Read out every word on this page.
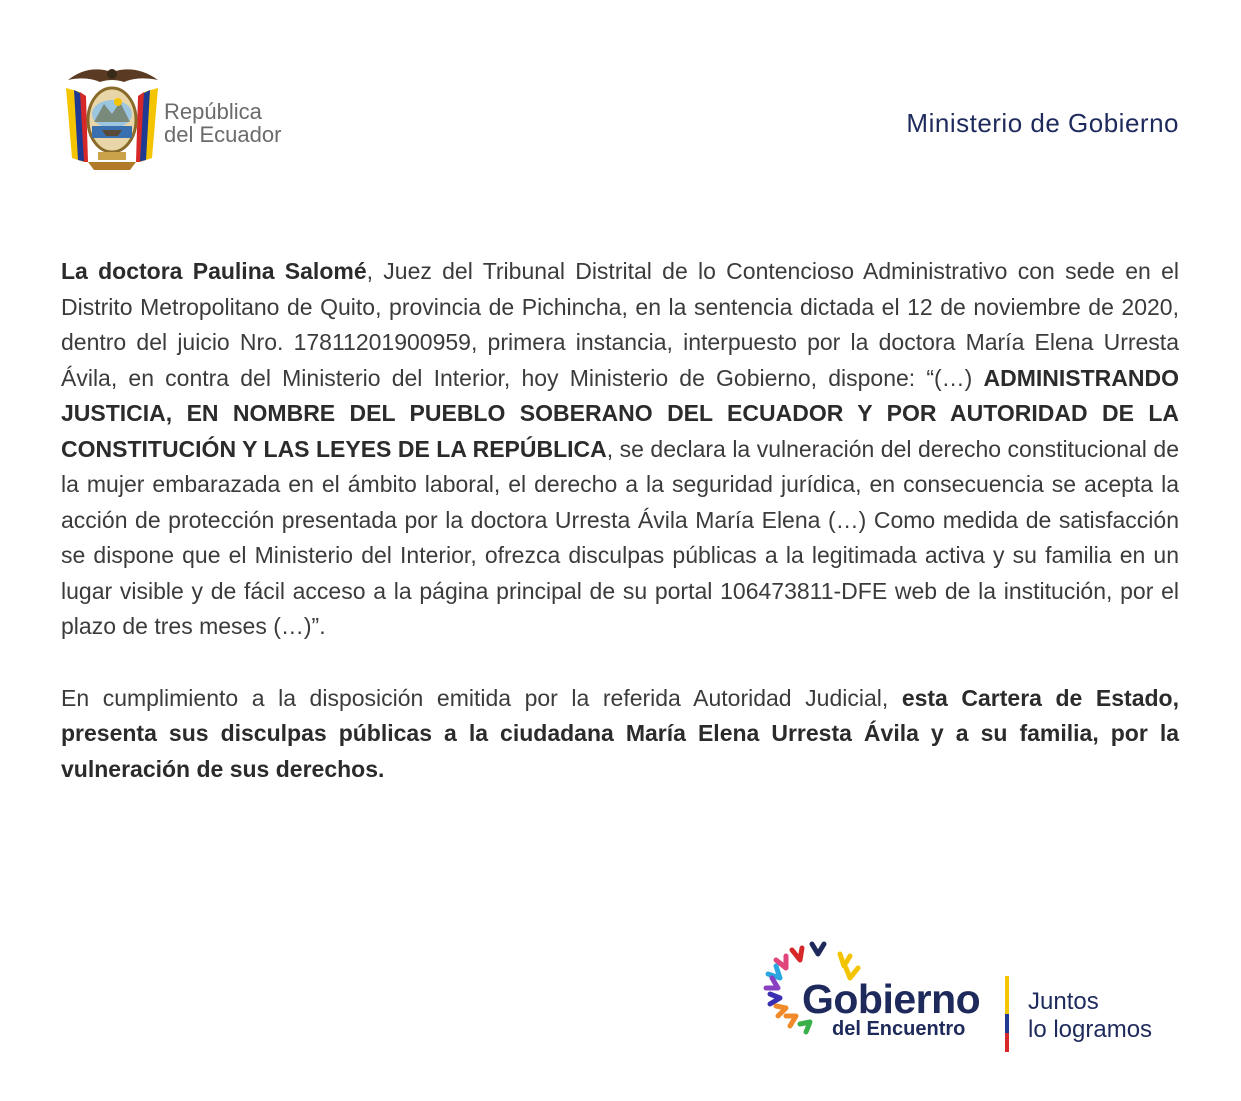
República
del Ecuador	Ministerio de Gobierno

La doctora Paulina Salomé, Juez del Tribunal Distrital de lo Contencioso Administrativo con sede en el Distrito Metropolitano de Quito, provincia de Pichincha, en la sentencia dictada el 12 de noviembre de 2020, dentro del juicio Nro. 17811201900959, primera instancia, interpuesto por la doctora María Elena Urresta Ávila, en contra del Ministerio del Interior, hoy Ministerio de Gobierno, dispone: “(…) ADMINISTRANDO JUSTICIA, EN NOMBRE DEL PUEBLO SOBERANO DEL ECUADOR Y POR AUTORIDAD DE LA CONSTITUCIÓN Y LAS LEYES DE LA REPÚBLICA, se declara la vulneración del derecho constitucional de la mujer embarazada en el ámbito laboral, el derecho a la seguridad jurídica, en consecuencia se acepta la acción de protección presentada por la doctora Urresta Ávila María Elena (…) Como medida de satisfacción se dispone que el Ministerio del Interior, ofrezca disculpas públicas a la legitimada activa y su familia en un lugar visible y de fácil acceso a la página principal de su portal 106473811-DFE web de la institución, por el plazo de tres meses (…)”.

En cumplimiento a la disposición emitida por la referida Autoridad Judicial, esta Cartera de Estado, presenta sus disculpas públicas a la ciudadana María Elena Urresta Ávila y a su familia, por la vulneración de sus derechos.

Gobierno
del Encuentro
Juntos
lo logramos
